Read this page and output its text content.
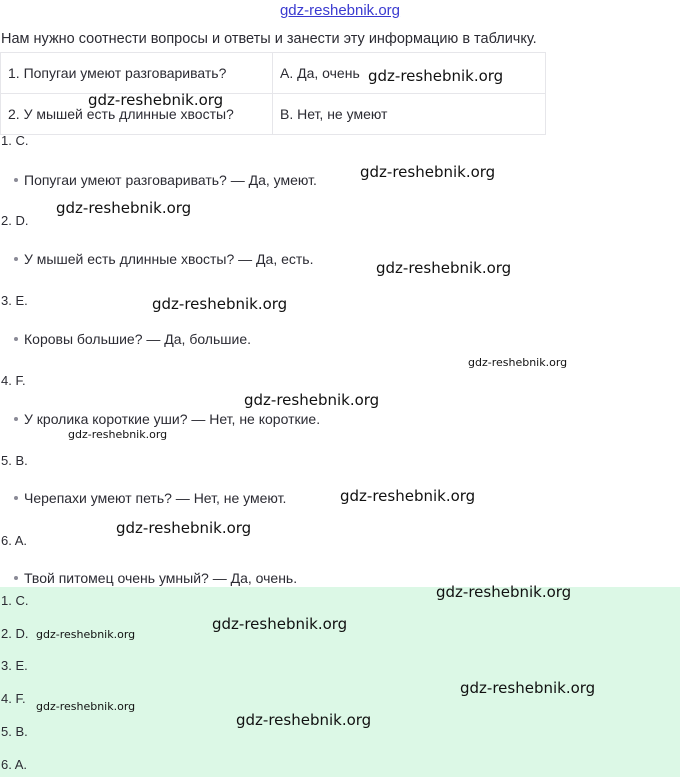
gdz-reshebnik.org
Нам нужно соотнести вопросы и ответы и занести эту информацию в табличку.
1. Попугаи умеют разговаривать?	A. Да, очень
2. У мышей есть длинные хвосты?	B. Нет, не умеют
1. C.
Попугаи умеют разговаривать? — Да, умеют.
2. D.
У мышей есть длинные хвосты? — Да, есть.
3. E.
Коровы большие? — Да, большие.
4. F.
У кролика короткие уши? — Нет, не короткие.
5. B.
Черепахи умеют петь? — Нет, не умеют.
6. A.
Твой питомец очень умный? — Да, очень.
1. C.
2. D.
3. E.
4. F.
5. B.
6. A.
gdz-reshebnik.org
gdz-reshebnik.org
gdz-reshebnik.org
gdz-reshebnik.org
gdz-reshebnik.org
gdz-reshebnik.org
gdz-reshebnik.org
gdz-reshebnik.org
gdz-reshebnik.org
gdz-reshebnik.org
gdz-reshebnik.org
gdz-reshebnik.org
gdz-reshebnik.org
gdz-reshebnik.org
gdz-reshebnik.org
gdz-reshebnik.org
gdz-reshebnik.org
